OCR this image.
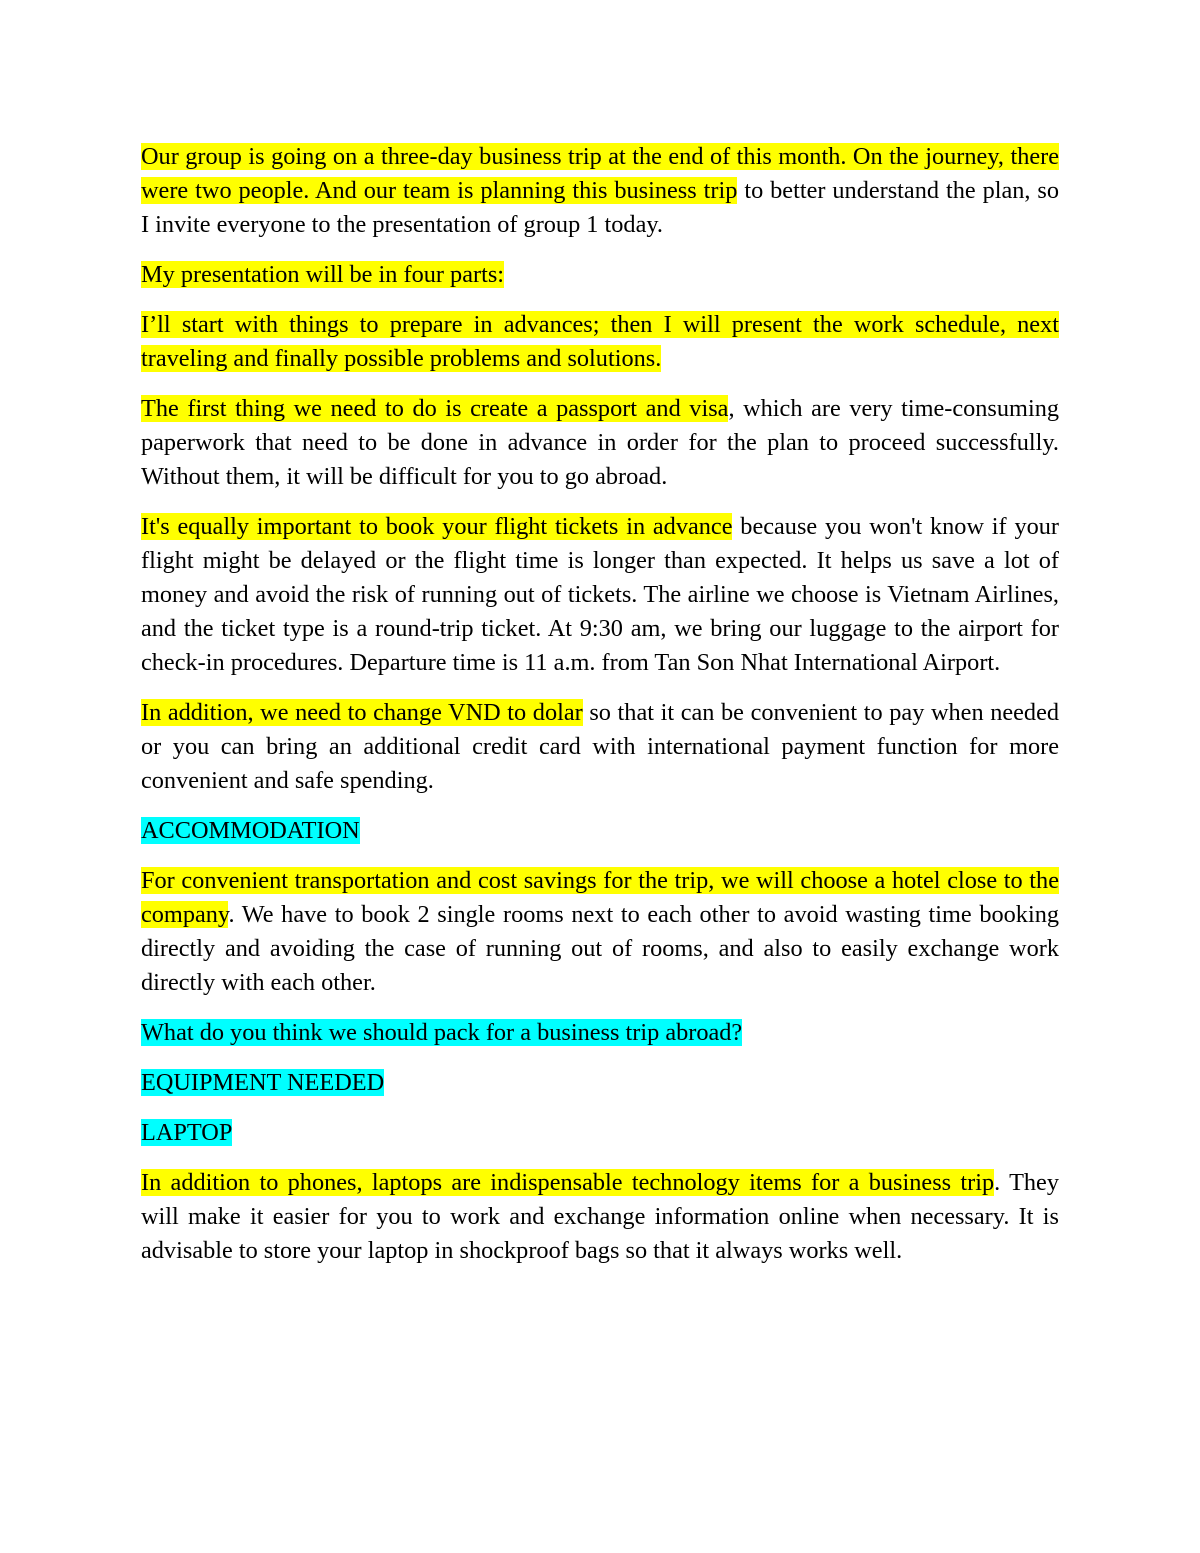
Our group is going on a three-day business trip at the end of this month. On the journey, there were two people. And our team is planning this business trip to better understand the plan, so I invite everyone to the presentation of group 1 today.

My presentation will be in four parts:

I’ll start with things to prepare in advances; then I will present the work schedule, next traveling and finally possible problems and solutions.

The first thing we need to do is create a passport and visa, which are very time-consuming paperwork that need to be done in advance in order for the plan to proceed successfully. Without them, it will be difficult for you to go abroad.

It's equally important to book your flight tickets in advance because you won't know if your flight might be delayed or the flight time is longer than expected. It helps us save a lot of money and avoid the risk of running out of tickets. The airline we choose is Vietnam Airlines, and the ticket type is a round-trip ticket. At 9:30 am, we bring our luggage to the airport for check-in procedures. Departure time is 11 a.m. from Tan Son Nhat International Airport.

In addition, we need to change VND to dolar so that it can be convenient to pay when needed or you can bring an additional credit card with international payment function for more convenient and safe spending.

ACCOMMODATION

For convenient transportation and cost savings for the trip, we will choose a hotel close to the company. We have to book 2 single rooms next to each other to avoid wasting time booking directly and avoiding the case of running out of rooms, and also to easily exchange work directly with each other.

What do you think we should pack for a business trip abroad?

EQUIPMENT NEEDED

LAPTOP

In addition to phones, laptops are indispensable technology items for a business trip. They will make it easier for you to work and exchange information online when necessary. It is advisable to store your laptop in shockproof bags so that it always works well.
